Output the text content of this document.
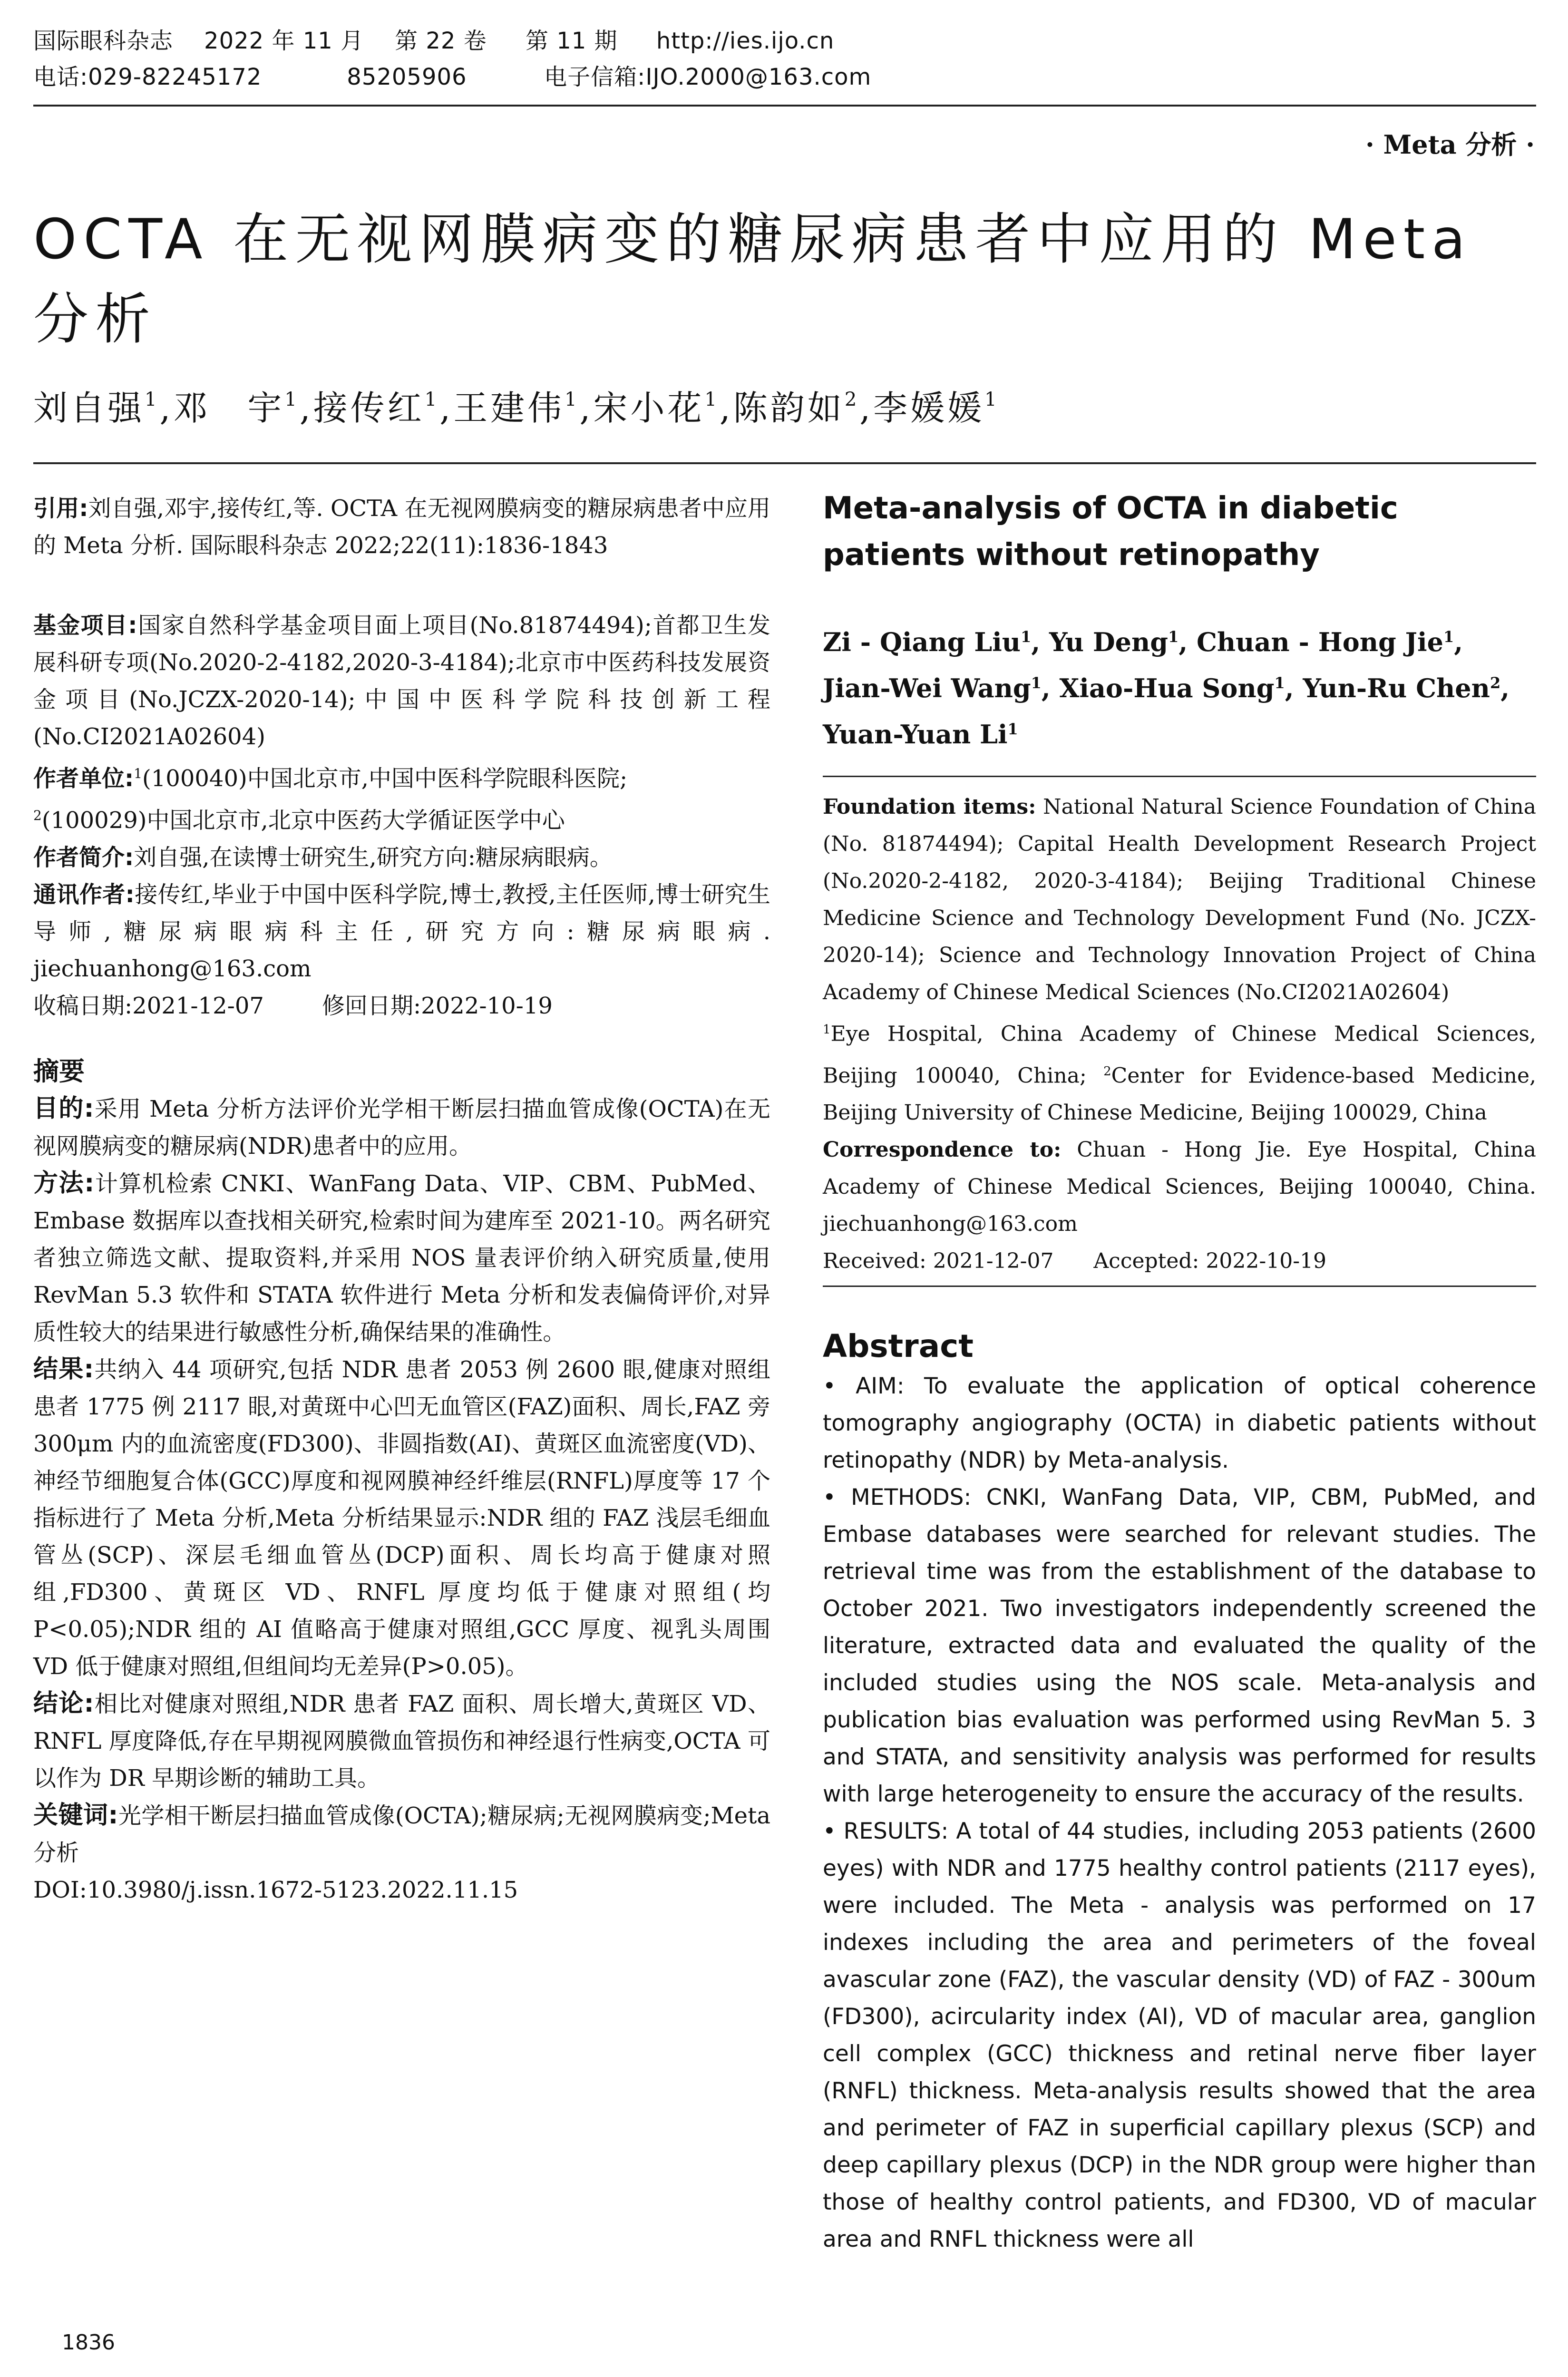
国际眼科杂志    2022 年 11 月    第 22 卷     第 11 期     http://ies.ijo.cn
电话:029-82245172           85205906          电子信箱:IJO.2000@163.com
· Meta 分析 ·
OCTA 在无视网膜病变的糖尿病患者中应用的 Meta 分析
刘自强$^1$,邓　宇$^1$,接传红$^1$,王建伟$^1$,宋小花$^1$,陈韵如$^2$,李媛媛$^1$

引用:刘自强,邓宇,接传红,等. OCTA 在无视网膜病变的糖尿病患者中应用的 Meta 分析. 国际眼科杂志 2022;22(11):1836-1843

基金项目:国家自然科学基金项目面上项目(No.81874494);首都卫生发展科研专项(No.2020-2-4182,2020-3-4184);北京市中医药科技发展资金项目(No.JCZX-2020-14);中国中医科学院科技创新工程(No.CI2021A02604)

作者单位:$^1$(100040)中国北京市,中国中医科学院眼科医院;
$^2$(100029)中国北京市,北京中医药大学循证医学中心

作者简介:刘自强,在读博士研究生,研究方向:糖尿病眼病。

通讯作者:接传红,毕业于中国中医科学院,博士,教授,主任医师,博士研究生导师,糖尿病眼病科主任,研究方向:糖尿病眼病. jiechuanhong@163.com

收稿日期:2021-12-07        修回日期:2022-10-19

摘要

目的:采用 Meta 分析方法评价光学相干断层扫描血管成像(OCTA)在无视网膜病变的糖尿病(NDR)患者中的应用。

方法:计算机检索 CNKI、WanFang Data、VIP、CBM、PubMed、Embase 数据库以查找相关研究,检索时间为建库至 2021-10。两名研究者独立筛选文献、提取资料,并采用 NOS 量表评价纳入研究质量,使用 RevMan 5.3 软件和 STATA 软件进行 Meta 分析和发表偏倚评价,对异质性较大的结果进行敏感性分析,确保结果的准确性。

结果:共纳入 44 项研究,包括 NDR 患者 2053 例 2600 眼,健康对照组患者 1775 例 2117 眼,对黄斑中心凹无血管区(FAZ)面积、周长,FAZ 旁 300μm 内的血流密度(FD300)、非圆指数(AI)、黄斑区血流密度(VD)、神经节细胞复合体(GCC)厚度和视网膜神经纤维层(RNFL)厚度等 17 个指标进行了 Meta 分析,Meta 分析结果显示:NDR 组的 FAZ 浅层毛细血管丛(SCP)、深层毛细血管丛(DCP)面积、周长均高于健康对照组,FD300、黄斑区 VD、RNFL 厚度均低于健康对照组(均 P<0.05);NDR 组的 AI 值略高于健康对照组,GCC 厚度、视乳头周围 VD 低于健康对照组,但组间均无差异(P>0.05)。

结论:相比对健康对照组,NDR 患者 FAZ 面积、周长增大,黄斑区 VD、RNFL 厚度降低,存在早期视网膜微血管损伤和神经退行性病变,OCTA 可以作为 DR 早期诊断的辅助工具。

关键词:光学相干断层扫描血管成像(OCTA);糖尿病;无视网膜病变;Meta 分析

DOI:10.3980/j.issn.1672-5123.2022.11.15

Meta-analysis of OCTA in diabetic patients without retinopathy
Zi - Qiang Liu$^1$, Yu Deng$^1$, Chuan - Hong Jie$^1$, Jian-Wei Wang$^1$, Xiao-Hua Song$^1$, Yun-Ru Chen$^2$, Yuan-Yuan Li$^1$

Foundation items: National Natural Science Foundation of China (No. 81874494); Capital Health Development Research Project (No.2020-2-4182, 2020-3-4184); Beijing Traditional Chinese Medicine Science and Technology Development Fund (No. JCZX-2020-14); Science and Technology Innovation Project of China Academy of Chinese Medical Sciences (No.CI2021A02604)

$^1$Eye Hospital, China Academy of Chinese Medical Sciences, Beijing 100040, China; $^2$Center for Evidence-based Medicine, Beijing University of Chinese Medicine, Beijing 100029, China

Correspondence to: Chuan - Hong Jie. Eye Hospital, China Academy of Chinese Medical Sciences, Beijing 100040, China. jiechuanhong@163.com

Received: 2021-12-07      Accepted: 2022-10-19

Abstract

• AIM: To evaluate the application of optical coherence tomography angiography (OCTA) in diabetic patients without retinopathy (NDR) by Meta-analysis.

• METHODS: CNKI, WanFang Data, VIP, CBM, PubMed, and Embase databases were searched for relevant studies. The retrieval time was from the establishment of the database to October 2021. Two investigators independently screened the literature, extracted data and evaluated the quality of the included studies using the NOS scale. Meta-analysis and publication bias evaluation was performed using RevMan 5. 3 and STATA, and sensitivity analysis was performed for results with large heterogeneity to ensure the accuracy of the results.

• RESULTS: A total of 44 studies, including 2053 patients (2600 eyes) with NDR and 1775 healthy control patients (2117 eyes), were included. The Meta - analysis was performed on 17 indexes including the area and perimeters of the foveal avascular zone (FAZ), the vascular density (VD) of FAZ - 300um (FD300), acircularity index (AI), VD of macular area, ganglion cell complex (GCC) thickness and retinal nerve fiber layer (RNFL) thickness. Meta-analysis results showed that the area and perimeter of FAZ in superficial capillary plexus (SCP) and deep capillary plexus (DCP) in the NDR group were higher than those of healthy control patients, and FD300, VD of macular area and RNFL thickness were all

1836
